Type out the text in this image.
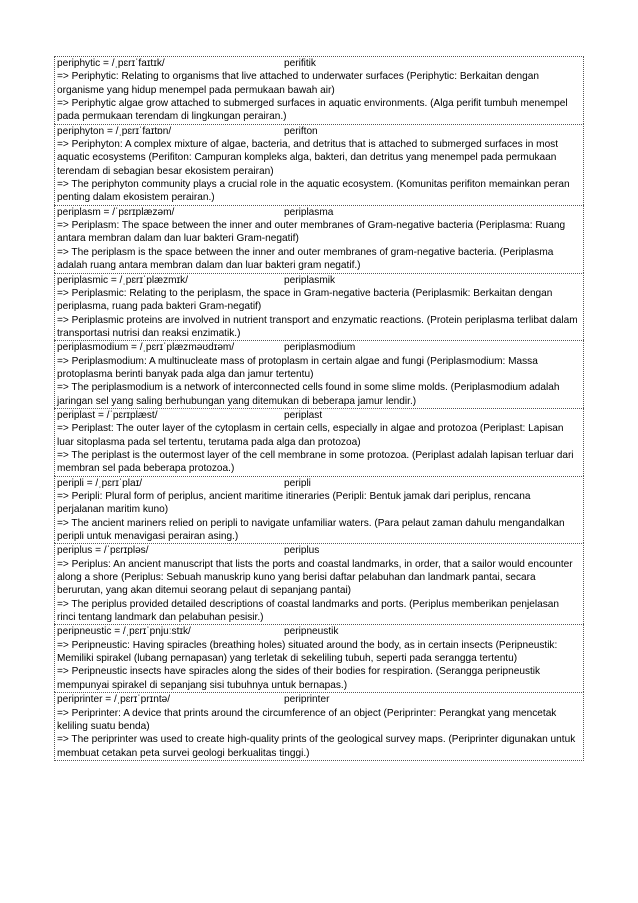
periphytic = /ˌpɛrɪˈfaɪtɪk/	perifitik

=> Periphytic: Relating to organisms that live attached to underwater surfaces (Periphytic: Berkaitan dengan organisme yang hidup menempel pada permukaan bawah air)

=> Periphytic algae grow attached to submerged surfaces in aquatic environments. (Alga perifit tumbuh menempel pada permukaan terendam di lingkungan perairan.)

periphyton = /ˌpɛrɪˈfaɪtɒn/	perifton

=> Periphyton: A complex mixture of algae, bacteria, and detritus that is attached to submerged surfaces in most aquatic ecosystems (Perifiton: Campuran kompleks alga, bakteri, dan detritus yang menempel pada permukaan terendam di sebagian besar ekosistem perairan)

=> The periphyton community plays a crucial role in the aquatic ecosystem. (Komunitas perifiton memainkan peran penting dalam ekosistem perairan.)

periplasm = /ˈpɛrɪplæzəm/	periplasma

=> Periplasm: The space between the inner and outer membranes of Gram-negative bacteria (Periplasma: Ruang antara membran dalam dan luar bakteri Gram-negatif)

=> The periplasm is the space between the inner and outer membranes of gram-negative bacteria. (Periplasma adalah ruang antara membran dalam dan luar bakteri gram negatif.)

periplasmic = /ˌpɛrɪˈplæzmɪk/	periplasmik

=> Periplasmic: Relating to the periplasm, the space in Gram-negative bacteria (Periplasmik: Berkaitan dengan periplasma, ruang pada bakteri Gram-negatif)

=> Periplasmic proteins are involved in nutrient transport and enzymatic reactions. (Protein periplasma terlibat dalam transportasi nutrisi dan reaksi enzimatik.)

periplasmodium = /ˌpɛrɪˈplæzməʊdɪəm/	periplasmodium

=> Periplasmodium: A multinucleate mass of protoplasm in certain algae and fungi (Periplasmodium: Massa protoplasma berinti banyak pada alga dan jamur tertentu)

=> The periplasmodium is a network of interconnected cells found in some slime molds. (Periplasmodium adalah jaringan sel yang saling berhubungan yang ditemukan di beberapa jamur lendir.)

periplast = /ˈpɛrɪplæst/	periplast

=> Periplast: The outer layer of the cytoplasm in certain cells, especially in algae and protozoa (Periplast: Lapisan luar sitoplasma pada sel tertentu, terutama pada alga dan protozoa)

=> The periplast is the outermost layer of the cell membrane in some protozoa. (Periplast adalah lapisan terluar dari membran sel pada beberapa protozoa.)

peripli = /ˌpɛrɪˈplaɪ/	peripli

=> Peripli: Plural form of periplus, ancient maritime itineraries (Peripli: Bentuk jamak dari periplus, rencana perjalanan maritim kuno)

=> The ancient mariners relied on peripli to navigate unfamiliar waters. (Para pelaut zaman dahulu mengandalkan peripli untuk menavigasi perairan asing.)

periplus = /ˈpɛrɪpləs/	periplus

=> Periplus: An ancient manuscript that lists the ports and coastal landmarks, in order, that a sailor would encounter along a shore (Periplus: Sebuah manuskrip kuno yang berisi daftar pelabuhan dan landmark pantai, secara berurutan, yang akan ditemui seorang pelaut di sepanjang pantai)

=> The periplus provided detailed descriptions of coastal landmarks and ports. (Periplus memberikan penjelasan rinci tentang landmark dan pelabuhan pesisir.)

peripneustic = /ˌpɛrɪˈpnjuːstɪk/	peripneustik

=> Peripneustic: Having spiracles (breathing holes) situated around the body, as in certain insects (Peripneustik: Memiliki spirakel (lubang pernapasan) yang terletak di sekeliling tubuh, seperti pada serangga tertentu)

=> Peripneustic insects have spiracles along the sides of their bodies for respiration. (Serangga peripneustik mempunyai spirakel di sepanjang sisi tubuhnya untuk bernapas.)

periprinter = /ˌpɛrɪˈprɪntə/	periprinter

=> Periprinter: A device that prints around the circumference of an object (Periprinter: Perangkat yang mencetak keliling suatu benda)

=> The periprinter was used to create high-quality prints of the geological survey maps. (Periprinter digunakan untuk membuat cetakan peta survei geologi berkualitas tinggi.)
